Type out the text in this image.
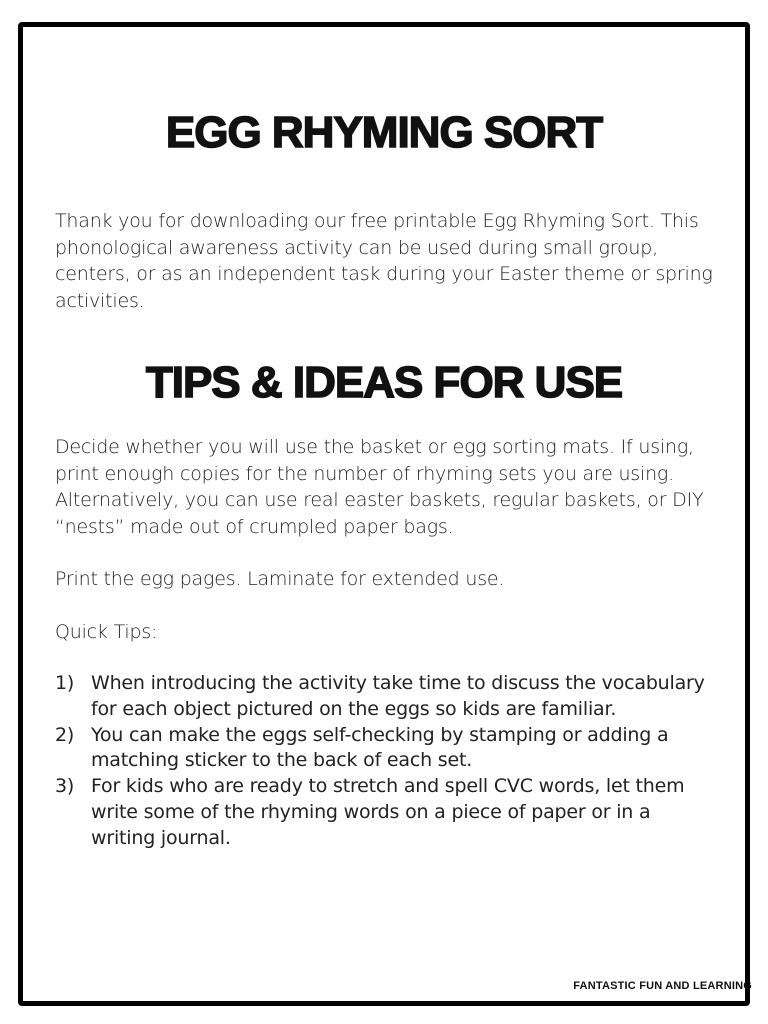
EGG RHYMING SORT

Thank you for downloading our free printable Egg Rhyming Sort. This phonological awareness activity can be used during small group, centers, or as an independent task during your Easter theme or spring activities.

TIPS & IDEAS FOR USE

Decide whether you will use the basket or egg sorting mats. If using, print enough copies for the number of rhyming sets you are using. Alternatively, you can use real easter baskets, regular baskets, or DIY “nests” made out of crumpled paper bags.

Print the egg pages. Laminate for extended use.

Quick Tips:

1) When introducing the activity take time to discuss the vocabulary for each object pictured on the eggs so kids are familiar.
2) You can make the eggs self-checking by stamping or adding a matching sticker to the back of each set.
3) For kids who are ready to stretch and spell CVC words, let them write some of the rhyming words on a piece of paper or in a writing journal.
FANTASTIC FUN AND LEARNING
